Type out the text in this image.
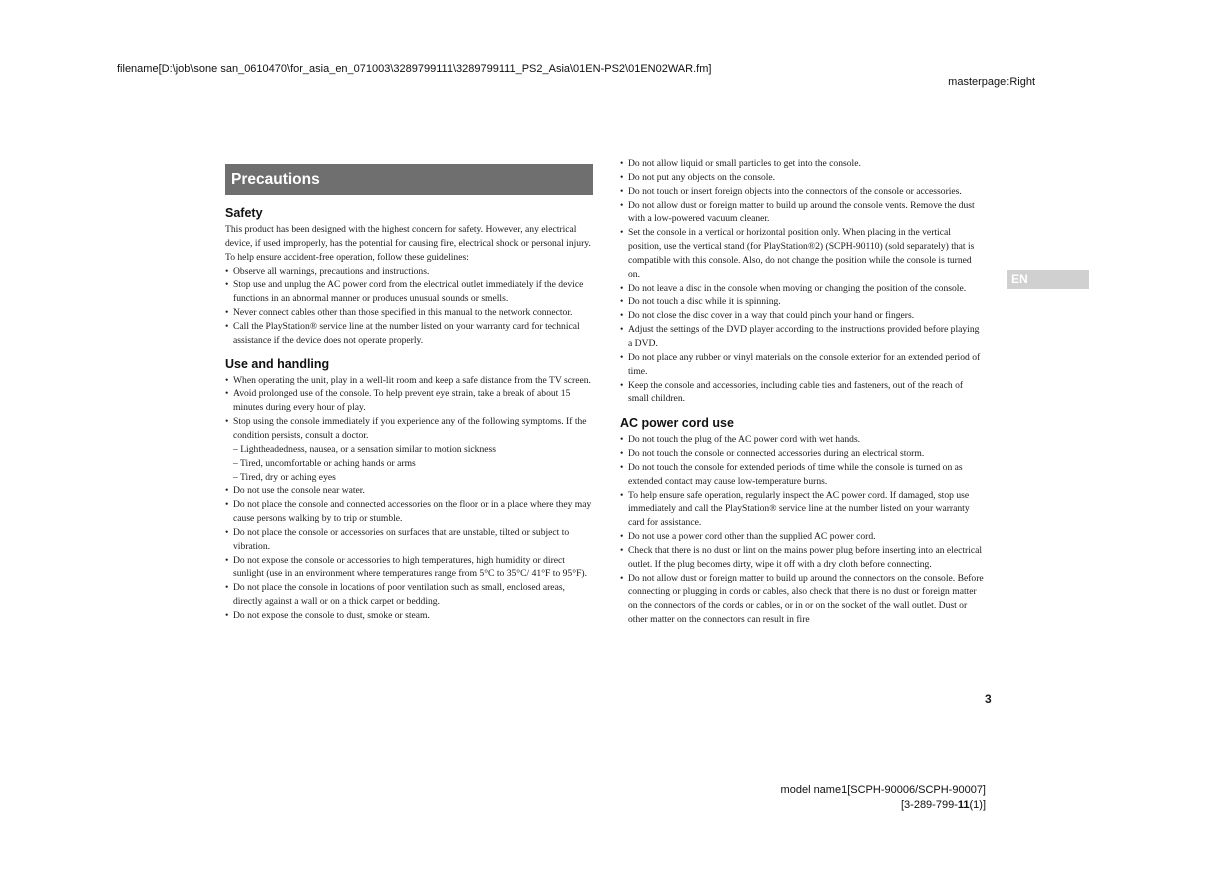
filename[D:\job\sone san_0610470\for_asia_en_071003\3289799111\3289799111_PS2_Asia\01EN-PS2\01EN02WAR.fm]
masterpage:Right
Precautions
Safety

This product has been designed with the highest concern for safety. However, any electrical device, if used improperly, has the potential for causing fire, electrical shock or personal injury. To help ensure accident-free operation, follow these guidelines:

• Observe all warnings, precautions and instructions.
• Stop use and unplug the AC power cord from the electrical outlet immediately if the device functions in an abnormal manner or produces unusual sounds or smells.
• Never connect cables other than those specified in this manual to the network connector.
• Call the PlayStation® service line at the number listed on your warranty card for technical assistance if the device does not operate properly.
Use and handling
• When operating the unit, play in a well-lit room and keep a safe distance from the TV screen.
• Avoid prolonged use of the console. To help prevent eye strain, take a break of about 15 minutes during every hour of play.
• Stop using the console immediately if you experience any of the following symptoms. If the condition persists, consult a doctor.
– Lightheadedness, nausea, or a sensation similar to motion sickness
– Tired, uncomfortable or aching hands or arms
– Tired, dry or aching eyes
• Do not use the console near water.
• Do not place the console and connected accessories on the floor or in a place where they may cause persons walking by to trip or stumble.
• Do not place the console or accessories on surfaces that are unstable, tilted or subject to vibration.
• Do not expose the console or accessories to high temperatures, high humidity or direct sunlight (use in an environment where temperatures range from 5°C to 35°C/ 41°F to 95°F).
• Do not place the console in locations of poor ventilation such as small, enclosed areas, directly against a wall or on a thick carpet or bedding.
• Do not expose the console to dust, smoke or steam.
• Do not allow liquid or small particles to get into the console.
• Do not put any objects on the console.
• Do not touch or insert foreign objects into the connectors of the console or accessories.
• Do not allow dust or foreign matter to build up around the console vents. Remove the dust with a low-powered vacuum cleaner.
• Set the console in a vertical or horizontal position only. When placing in the vertical position, use the vertical stand (for PlayStation®2) (SCPH-90110) (sold separately) that is compatible with this console. Also, do not change the position while the console is turned on.
• Do not leave a disc in the console when moving or changing the position of the console.
• Do not touch a disc while it is spinning.
• Do not close the disc cover in a way that could pinch your hand or fingers.
• Adjust the settings of the DVD player according to the instructions provided before playing a DVD.
• Do not place any rubber or vinyl materials on the console exterior for an extended period of time.
• Keep the console and accessories, including cable ties and fasteners, out of the reach of small children.
AC power cord use
• Do not touch the plug of the AC power cord with wet hands.
• Do not touch the console or connected accessories during an electrical storm.
• Do not touch the console for extended periods of time while the console is turned on as extended contact may cause low-temperature burns.
• To help ensure safe operation, regularly inspect the AC power cord. If damaged, stop use immediately and call the PlayStation® service line at the number listed on your warranty card for assistance.
• Do not use a power cord other than the supplied AC power cord.
• Check that there is no dust or lint on the mains power plug before inserting into an electrical outlet. If the plug becomes dirty, wipe it off with a dry cloth before connecting.
• Do not allow dust or foreign matter to build up around the connectors on the console. Before connecting or plugging in cords or cables, also check that there is no dust or foreign matter on the connectors of the cords or cables, or in or on the socket of the wall outlet. Dust or other matter on the connectors can result in fire
EN
3
model name1[SCPH-90006/SCPH-90007]
[3-289-799-11(1)]
